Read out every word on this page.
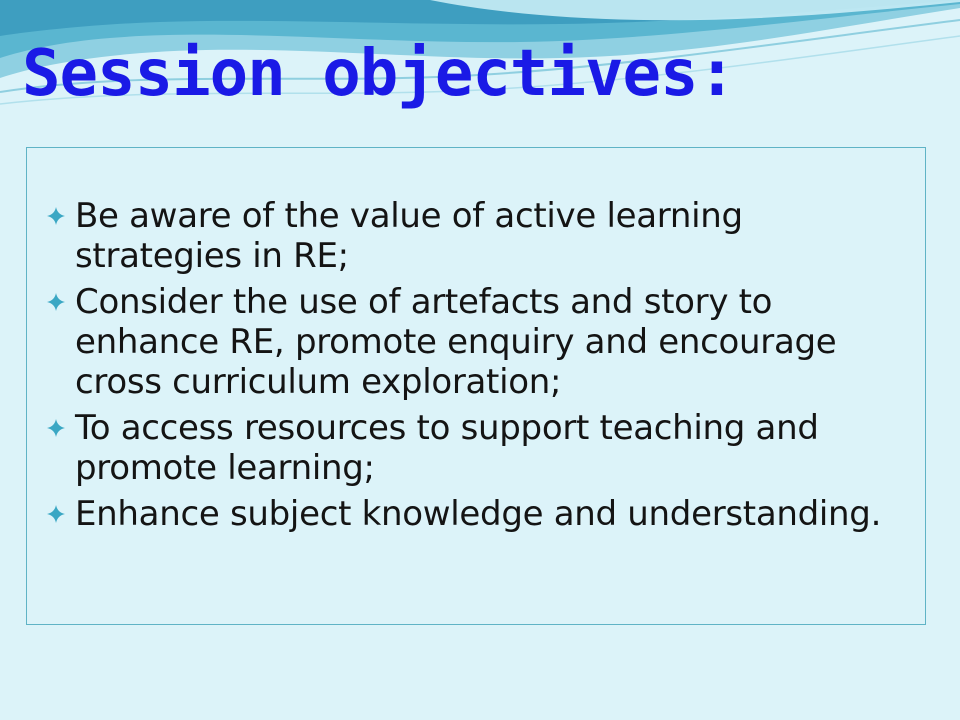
Session objectives:
Be aware of the value of active learning strategies in RE;
Consider the use of artefacts and story to enhance RE, promote enquiry and encourage cross curriculum exploration;
To access resources to support teaching and promote learning;
Enhance subject knowledge and understanding.
